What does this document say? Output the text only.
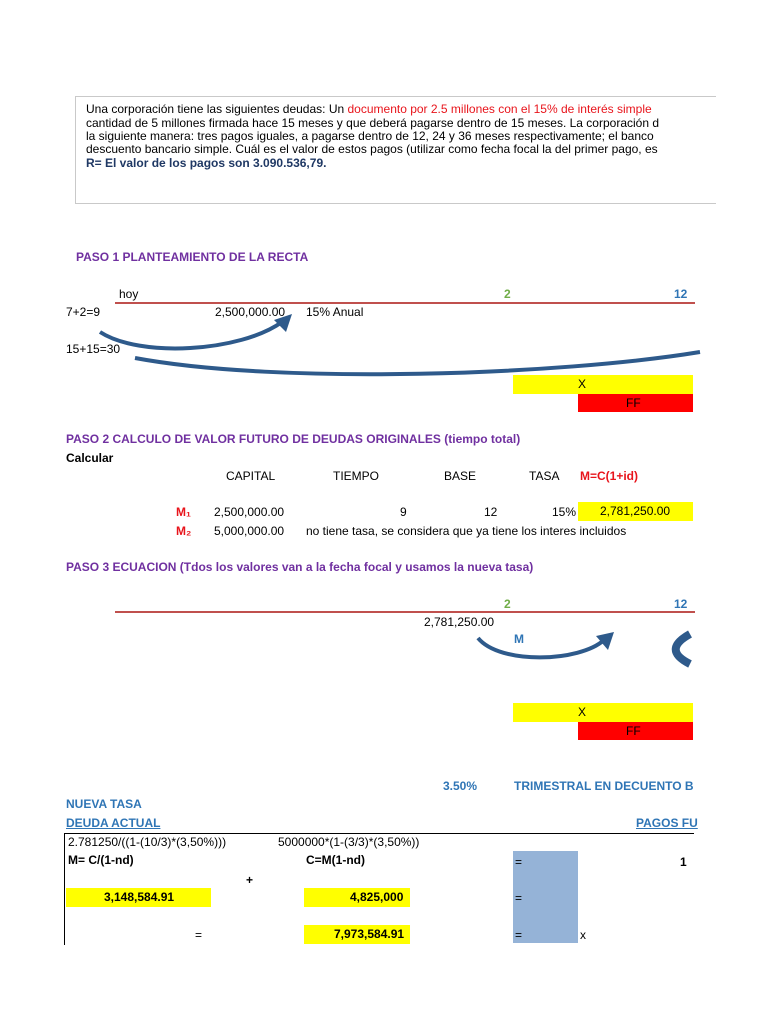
Una corporación tiene las siguientes deudas: Un documento por 2.5 millones con el 15% de interés simple
cantidad de 5 millones firmada hace 15 meses y que deberá pagarse dentro de 15 meses. La corporación d
la siguiente manera: tres pagos iguales, a pagarse dentro de 12, 24 y 36 meses respectivamente; el banco
descuento bancario simple. Cuál es el valor de estos pagos (utilizar como fecha focal la del primer pago, es
R= El valor de los pagos son 3.090.536,79.
PASO 1 PLANTEAMIENTO DE LA RECTA
hoy	2	12
7+2=9	2,500,000.00 15% Anual
15+15=30
X
FF
PASO 2 CALCULO DE VALOR FUTURO DE DEUDAS ORIGINALES (tiempo total)
Calcular
CAPITAL	TIEMPO	BASE	TASA M=C(1+id)
M₁ 2,500,000.00	9	12	15% 2,781,250.00
M₂ 5,000,000.00 no tiene tasa, se considera que ya tiene los interes incluidos
PASO 3 ECUACION (Tdos los valores van a la fecha focal y usamos la nueva tasa)
2	12
2,781,250.00
M
X
FF
3.50%	TRIMESTRAL EN DECUENTO B
NUEVA TASA
DEUDA ACTUAL	PAGOS FU
2.781250/((1-(10/3)*(3,50%)))	5000000*(1-(3/3)*(3,50%))
M= C/(1-nd)	C=M(1-nd)	=	1
+
3,148,584.91	4,825,000	=
=	7,973,584.91	=	x
